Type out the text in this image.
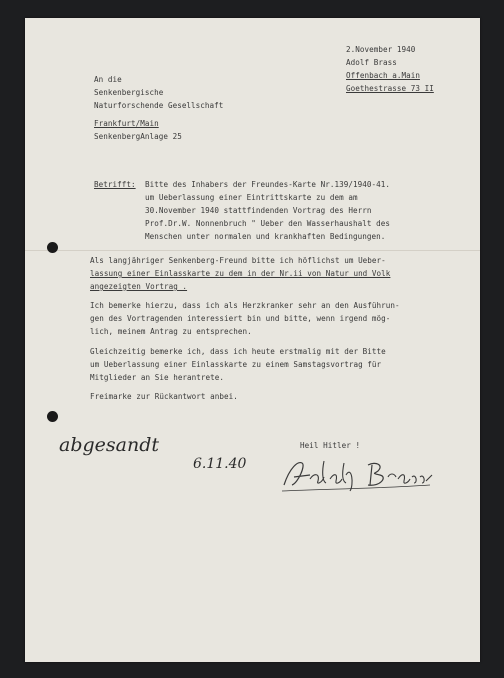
2.November 1940
Adolf Brass
Offenbach a.Main
Goethestrasse 73 II
An die
Senkenbergische
Naturforschende Gesellschaft
Frankfurt/Main
SenkenbergAnlage 25
Betrifft: Bitte des Inhabers der Freundes-Karte Nr.139/1940-41.
um Ueberlassung einer Eintrittskarte zu dem am
30.November 1940 stattfindenden Vortrag des Herrn
Prof.Dr.W. Nonnenbruch " Ueber den Wasserhaushalt des
Menschen unter normalen und krankhaften Bedingungen.
Als langjähriger Senkenberg-Freund bitte ich höflichst um Ueber-
lassung einer Einlasskarte zu dem in der Nr.ii von Natur und Volk
angezeigten Vortrag .
Ich bemerke hierzu, dass ich als Herzkranker sehr an den Ausführun-
gen des Vortragenden interessiert bin und bitte, wenn irgend mög-
lich, meinem Antrag zu entsprechen.
Gleichzeitig bemerke ich, dass ich heute erstmalig mit der Bitte
um Ueberlassung einer Einlasskarte zu einem Samstagsvortrag für
Mitglieder an Sie herantrete.
Freimarke zur Rückantwort anbei.
Heil Hitler !
abgesandt
6.11.40
